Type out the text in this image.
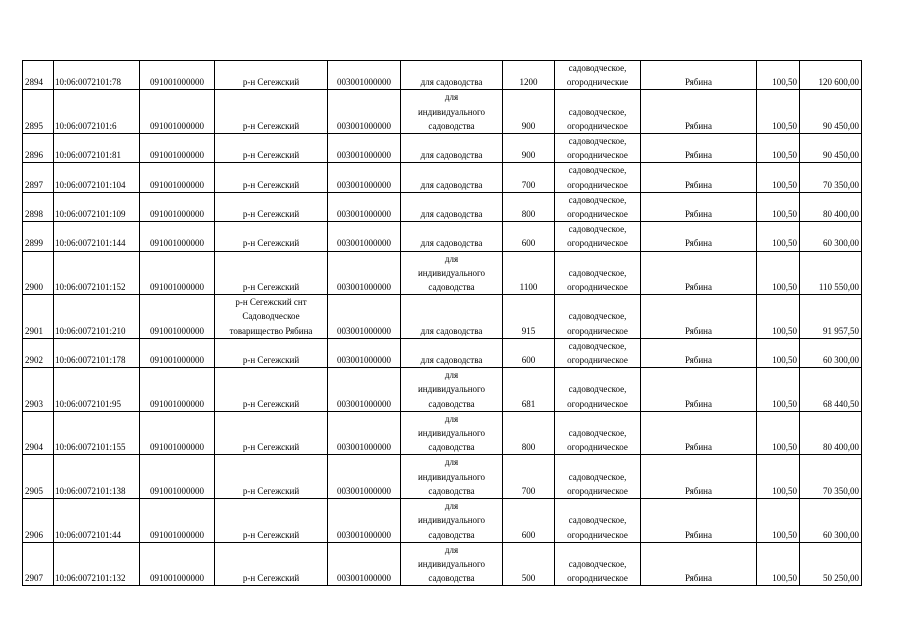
2894	10:06:0072101:78	091001000000	р-н Сегежский	003001000000	для садоводства	1200	садоводческое,
огороднические	Рябина	100,50	120 600,00
2895	10:06:0072101:6	091001000000	р-н Сегежский	003001000000	для
индивидуального
садоводства	900	садоводческое,
огородническое	Рябина	100,50	90 450,00
2896	10:06:0072101:81	091001000000	р-н Сегежский	003001000000	для садоводства	900	садоводческое,
огородническое	Рябина	100,50	90 450,00
2897	10:06:0072101:104	091001000000	р-н Сегежский	003001000000	для садоводства	700	садоводческое,
огородническое	Рябина	100,50	70 350,00
2898	10:06:0072101:109	091001000000	р-н Сегежский	003001000000	для садоводства	800	садоводческое,
огородническое	Рябина	100,50	80 400,00
2899	10:06:0072101:144	091001000000	р-н Сегежский	003001000000	для садоводства	600	садоводческое,
огородническое	Рябина	100,50	60 300,00
2900	10:06:0072101:152	091001000000	р-н Сегежский	003001000000	для
индивидуального
садоводства	1100	садоводческое,
огородническое	Рябина	100,50	110 550,00
2901	10:06:0072101:210	091001000000	р-н Сегежский снт
Садоводческое
товарищество Рябина	003001000000	для садоводства	915	садоводческое,
огородническое	Рябина	100,50	91 957,50
2902	10:06:0072101:178	091001000000	р-н Сегежский	003001000000	для садоводства	600	садоводческое,
огородническое	Рябина	100,50	60 300,00
2903	10:06:0072101:95	091001000000	р-н Сегежский	003001000000	для
индивидуального
садоводства	681	садоводческое,
огородническое	Рябина	100,50	68 440,50
2904	10:06:0072101:155	091001000000	р-н Сегежский	003001000000	для
индивидуального
садоводства	800	садоводческое,
огородническое	Рябина	100,50	80 400,00
2905	10:06:0072101:138	091001000000	р-н Сегежский	003001000000	для
индивидуального
садоводства	700	садоводческое,
огородническое	Рябина	100,50	70 350,00
2906	10:06:0072101:44	091001000000	р-н Сегежский	003001000000	для
индивидуального
садоводства	600	садоводческое,
огородническое	Рябина	100,50	60 300,00
2907	10:06:0072101:132	091001000000	р-н Сегежский	003001000000	для
индивидуального
садоводства	500	садоводческое,
огородническое	Рябина	100,50	50 250,00
